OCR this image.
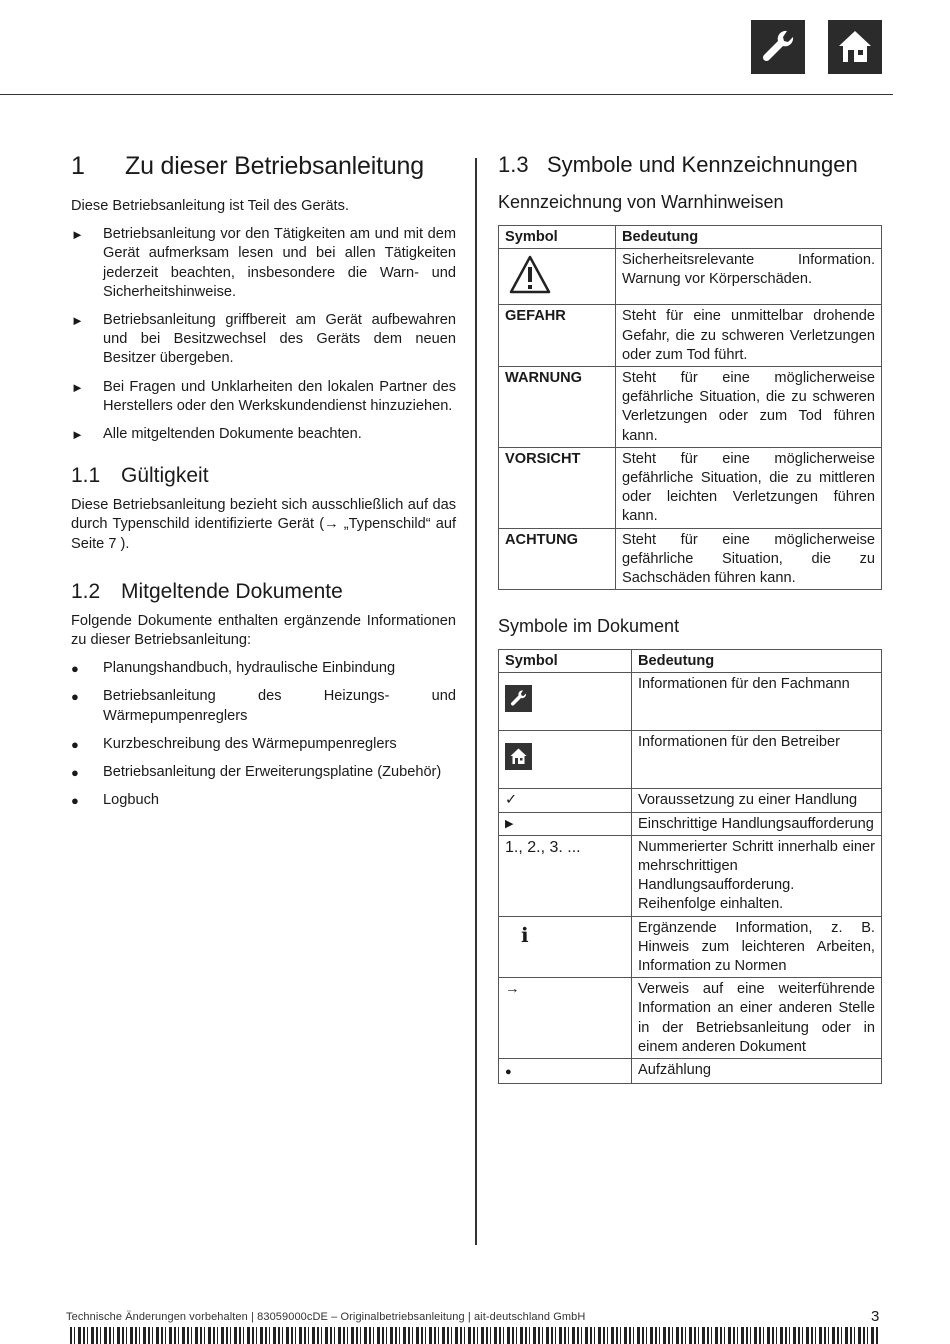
1 Zu dieser Betriebsanleitung

Diese Betriebsanleitung ist Teil des Geräts.

► Betriebsanleitung vor den Tätigkeiten am und mit dem Gerät aufmerksam lesen und bei allen Tätigkeiten jederzeit beachten, insbesondere die Warn- und Sicherheitshinweise.
► Betriebsanleitung griffbereit am Gerät aufbewahren und bei Besitzwechsel des Geräts dem neuen Besitzer übergeben.
► Bei Fragen und Unklarheiten den lokalen Partner des Herstellers oder den Werkskundendienst hinzuziehen.
► Alle mitgeltenden Dokumente beachten.
1.1 Gültigkeit

Diese Betriebsanleitung bezieht sich ausschließlich auf das durch Typenschild identifizierte Gerät (→ „Typenschild“ auf Seite 7 ).

1.2 Mitgeltende Dokumente

Folgende Dokumente enthalten ergänzende Informationen zu dieser Betriebsanleitung:

● Planungshandbuch, hydraulische Einbindung
● Betriebsanleitung des Heizungs- und Wärmepumpenreglers
● Kurzbeschreibung des Wärmepumpenreglers
● Betriebsanleitung der Erweiterungsplatine (Zubehör)
● Logbuch
1.3 Symbole und Kennzeichnungen
Kennzeichnung von Warnhinweisen
Symbol	Bedeutung
	Sicherheitsrelevante Information. Warnung vor Körperschäden.
GEFAHR	Steht für eine unmittelbar drohende Gefahr, die zu schweren Verletzungen oder zum Tod führt.
WARNUNG	Steht für eine möglicherweise gefährliche Situation, die zu schweren Verletzungen oder zum Tod führen kann.
VORSICHT	Steht für eine möglicherweise gefährliche Situation, die zu mittleren oder leichten Verletzungen führen kann.
ACHTUNG	Steht für eine möglicherweise gefährliche Situation, die zu Sachschäden führen kann.
Symbole im Dokument
Symbol	Bedeutung
	Informationen für den Fachmann
	Informationen für den Betreiber
✓	Voraussetzung zu einer Handlung
▶	Einschrittige Handlungsaufforderung
1., 2., 3. ...	Nummerierter Schritt innerhalb einer mehrschrittigen Handlungsaufforderung. Reihenfolge einhalten.
ℹ	Ergänzende Information, z. B. Hinweis zum leichteren Arbeiten, Information zu Normen
→	Verweis auf eine weiterführende Information an einer anderen Stelle in der Betriebsanleitung oder in einem anderen Dokument
●	Aufzählung
Technische Änderungen vorbehalten | 83059000cDE – Originalbetriebsanleitung | ait-deutschland GmbH	3
